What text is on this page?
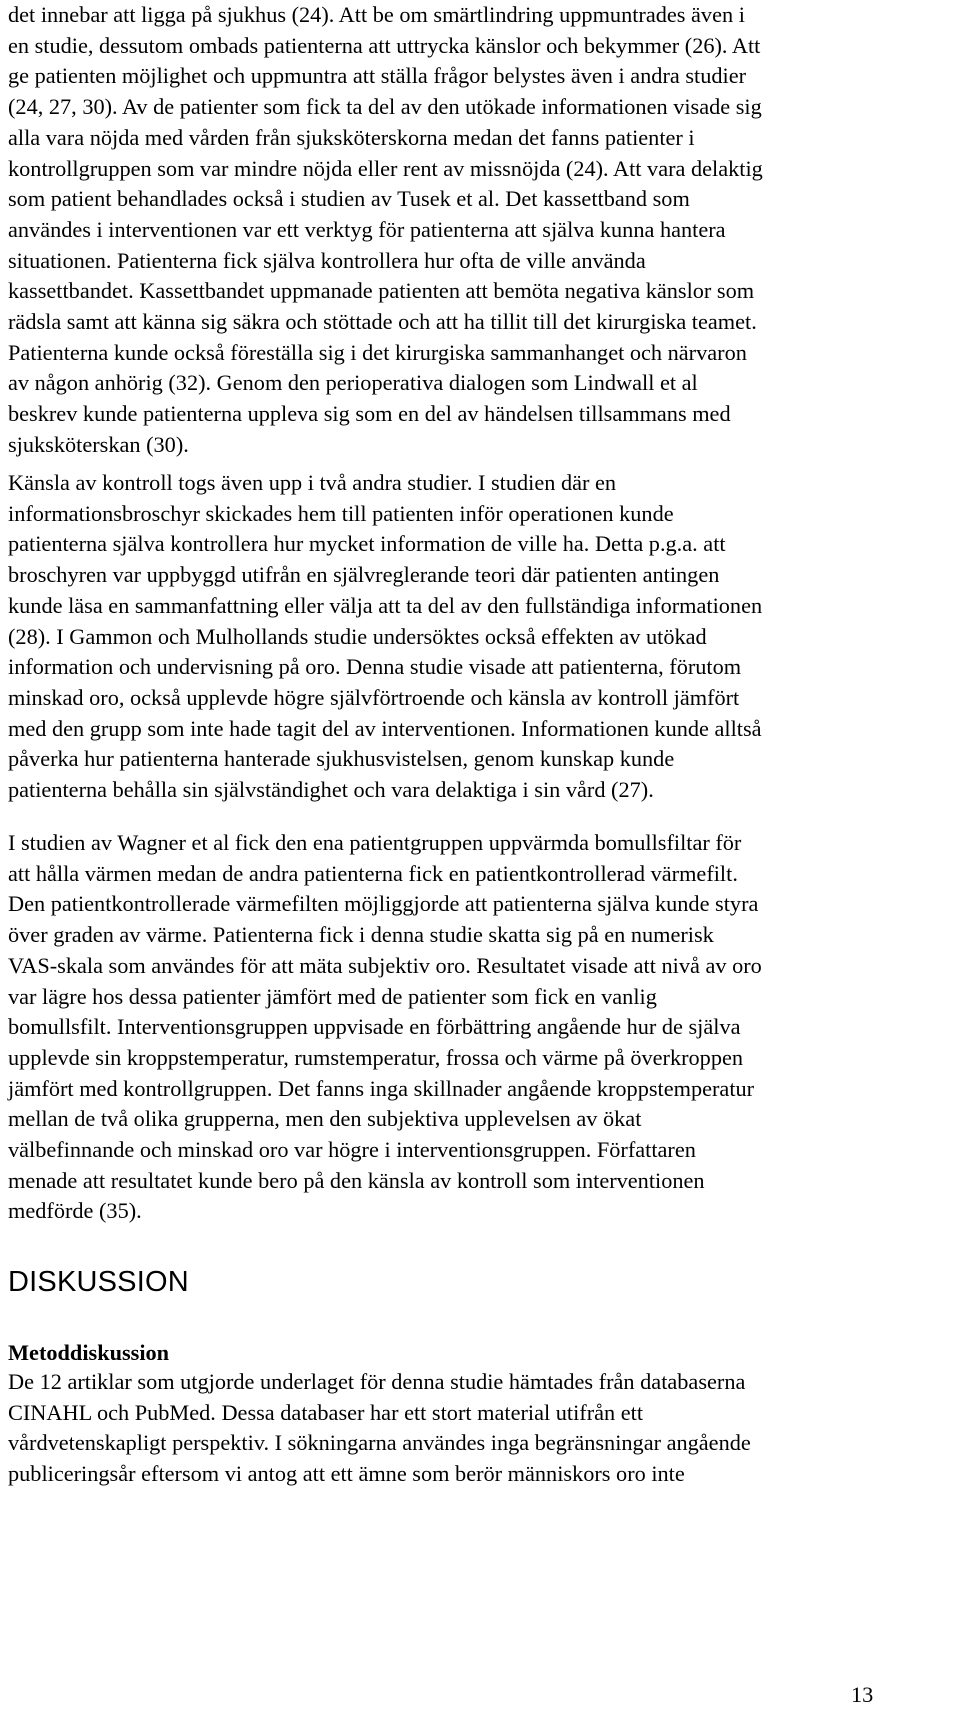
det innebar att ligga på sjukhus (24). Att be om smärtlindring uppmuntrades även i
en studie, dessutom ombads patienterna att uttrycka känslor och bekymmer (26). Att
ge patienten möjlighet och uppmuntra att ställa frågor belystes även i andra studier
(24, 27, 30). Av de patienter som fick ta del av den utökade informationen visade sig
alla vara nöjda med vården från sjuksköterskorna medan det fanns patienter i
kontrollgruppen som var mindre nöjda eller rent av missnöjda (24). Att vara delaktig
som patient behandlades också i studien av Tusek et al. Det kassettband som
användes i interventionen var ett verktyg för patienterna att själva kunna hantera
situationen. Patienterna fick själva kontrollera hur ofta de ville använda
kassettbandet. Kassettbandet uppmanade patienten att bemöta negativa känslor som
rädsla samt att känna sig säkra och stöttade och att ha tillit till det kirurgiska teamet.
Patienterna kunde också föreställa sig i det kirurgiska sammanhanget och närvaron
av någon anhörig (32). Genom den perioperativa dialogen som Lindwall et al
beskrev kunde patienterna uppleva sig som en del av händelsen tillsammans med
sjuksköterskan (30).

Känsla av kontroll togs även upp i två andra studier. I studien där en
informationsbroschyr skickades hem till patienten inför operationen kunde
patienterna själva kontrollera hur mycket information de ville ha. Detta p.g.a. att
broschyren var uppbyggd utifrån en självreglerande teori där patienten antingen
kunde läsa en sammanfattning eller välja att ta del av den fullständiga informationen
(28). I Gammon och Mulhollands studie undersöktes också effekten av utökad
information och undervisning på oro. Denna studie visade att patienterna, förutom
minskad oro, också upplevde högre självförtroende och känsla av kontroll jämfört
med den grupp som inte hade tagit del av interventionen. Informationen kunde alltså
påverka hur patienterna hanterade sjukhusvistelsen, genom kunskap kunde
patienterna behålla sin självständighet och vara delaktiga i sin vård (27).

I studien av Wagner et al fick den ena patientgruppen uppvärmda bomullsfiltar för
att hålla värmen medan de andra patienterna fick en patientkontrollerad värmefilt.
Den patientkontrollerade värmefilten möjliggjorde att patienterna själva kunde styra
över graden av värme. Patienterna fick i denna studie skatta sig på en numerisk
VAS-skala som användes för att mäta subjektiv oro. Resultatet visade att nivå av oro
var lägre hos dessa patienter jämfört med de patienter som fick en vanlig
bomullsfilt. Interventionsgruppen uppvisade en förbättring angående hur de själva
upplevde sin kroppstemperatur, rumstemperatur, frossa och värme på överkroppen
jämfört med kontrollgruppen. Det fanns inga skillnader angående kroppstemperatur
mellan de två olika grupperna, men den subjektiva upplevelsen av ökat
välbefinnande och minskad oro var högre i interventionsgruppen. Författaren
menade att resultatet kunde bero på den känsla av kontroll som interventionen
medförde (35).

DISKUSSION
Metoddiskussion

De 12 artiklar som utgjorde underlaget för denna studie hämtades från databaserna
CINAHL och PubMed. Dessa databaser har ett stort material utifrån ett
vårdvetenskapligt perspektiv. I sökningarna användes inga begränsningar angående
publiceringsår eftersom vi antog att ett ämne som berör människors oro inte

13
